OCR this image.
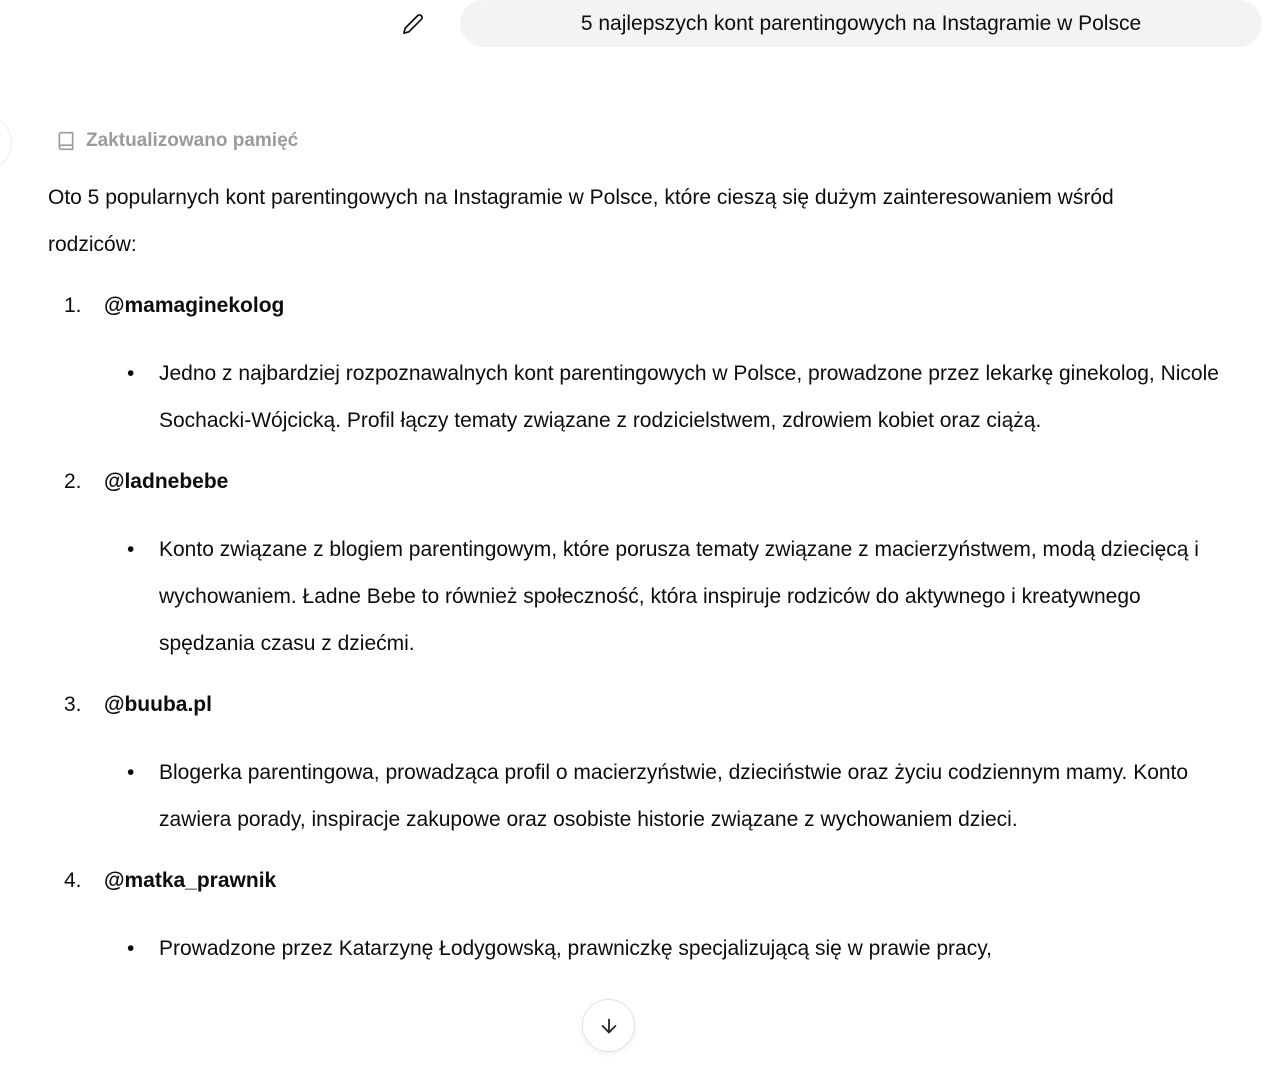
5 najlepszych kont parentingowych na Instagramie w Polsce
Zaktualizowano pamięć

Oto 5 popularnych kont parentingowych na Instagramie w Polsce, które cieszą się dużym zainteresowaniem wśród rodziców:

1.	@mamaginekolog
•	Jedno z najbardziej rozpoznawalnych kont parentingowych w Polsce, prowadzone przez lekarkę ginekolog, Nicole Sochacki-Wójcicką. Profil łączy tematy związane z rodzicielstwem, zdrowiem kobiet oraz ciążą.
2.	@ladnebebe
•	Konto związane z blogiem parentingowym, które porusza tematy związane z macierzyństwem, modą dziecięcą i wychowaniem. Ładne Bebe to również społeczność, która inspiruje rodziców do aktywnego i kreatywnego spędzania czasu z dziećmi.
3.	@buuba.pl
•	Blogerka parentingowa, prowadząca profil o macierzyństwie, dzieciństwie oraz życiu codziennym mamy. Konto zawiera porady, inspiracje zakupowe oraz osobiste historie związane z wychowaniem dzieci.
4.	@matka_prawnik
•	Prowadzone przez Katarzynę Łodygowską, prawniczkę specjalizującą się w prawie pracy,
